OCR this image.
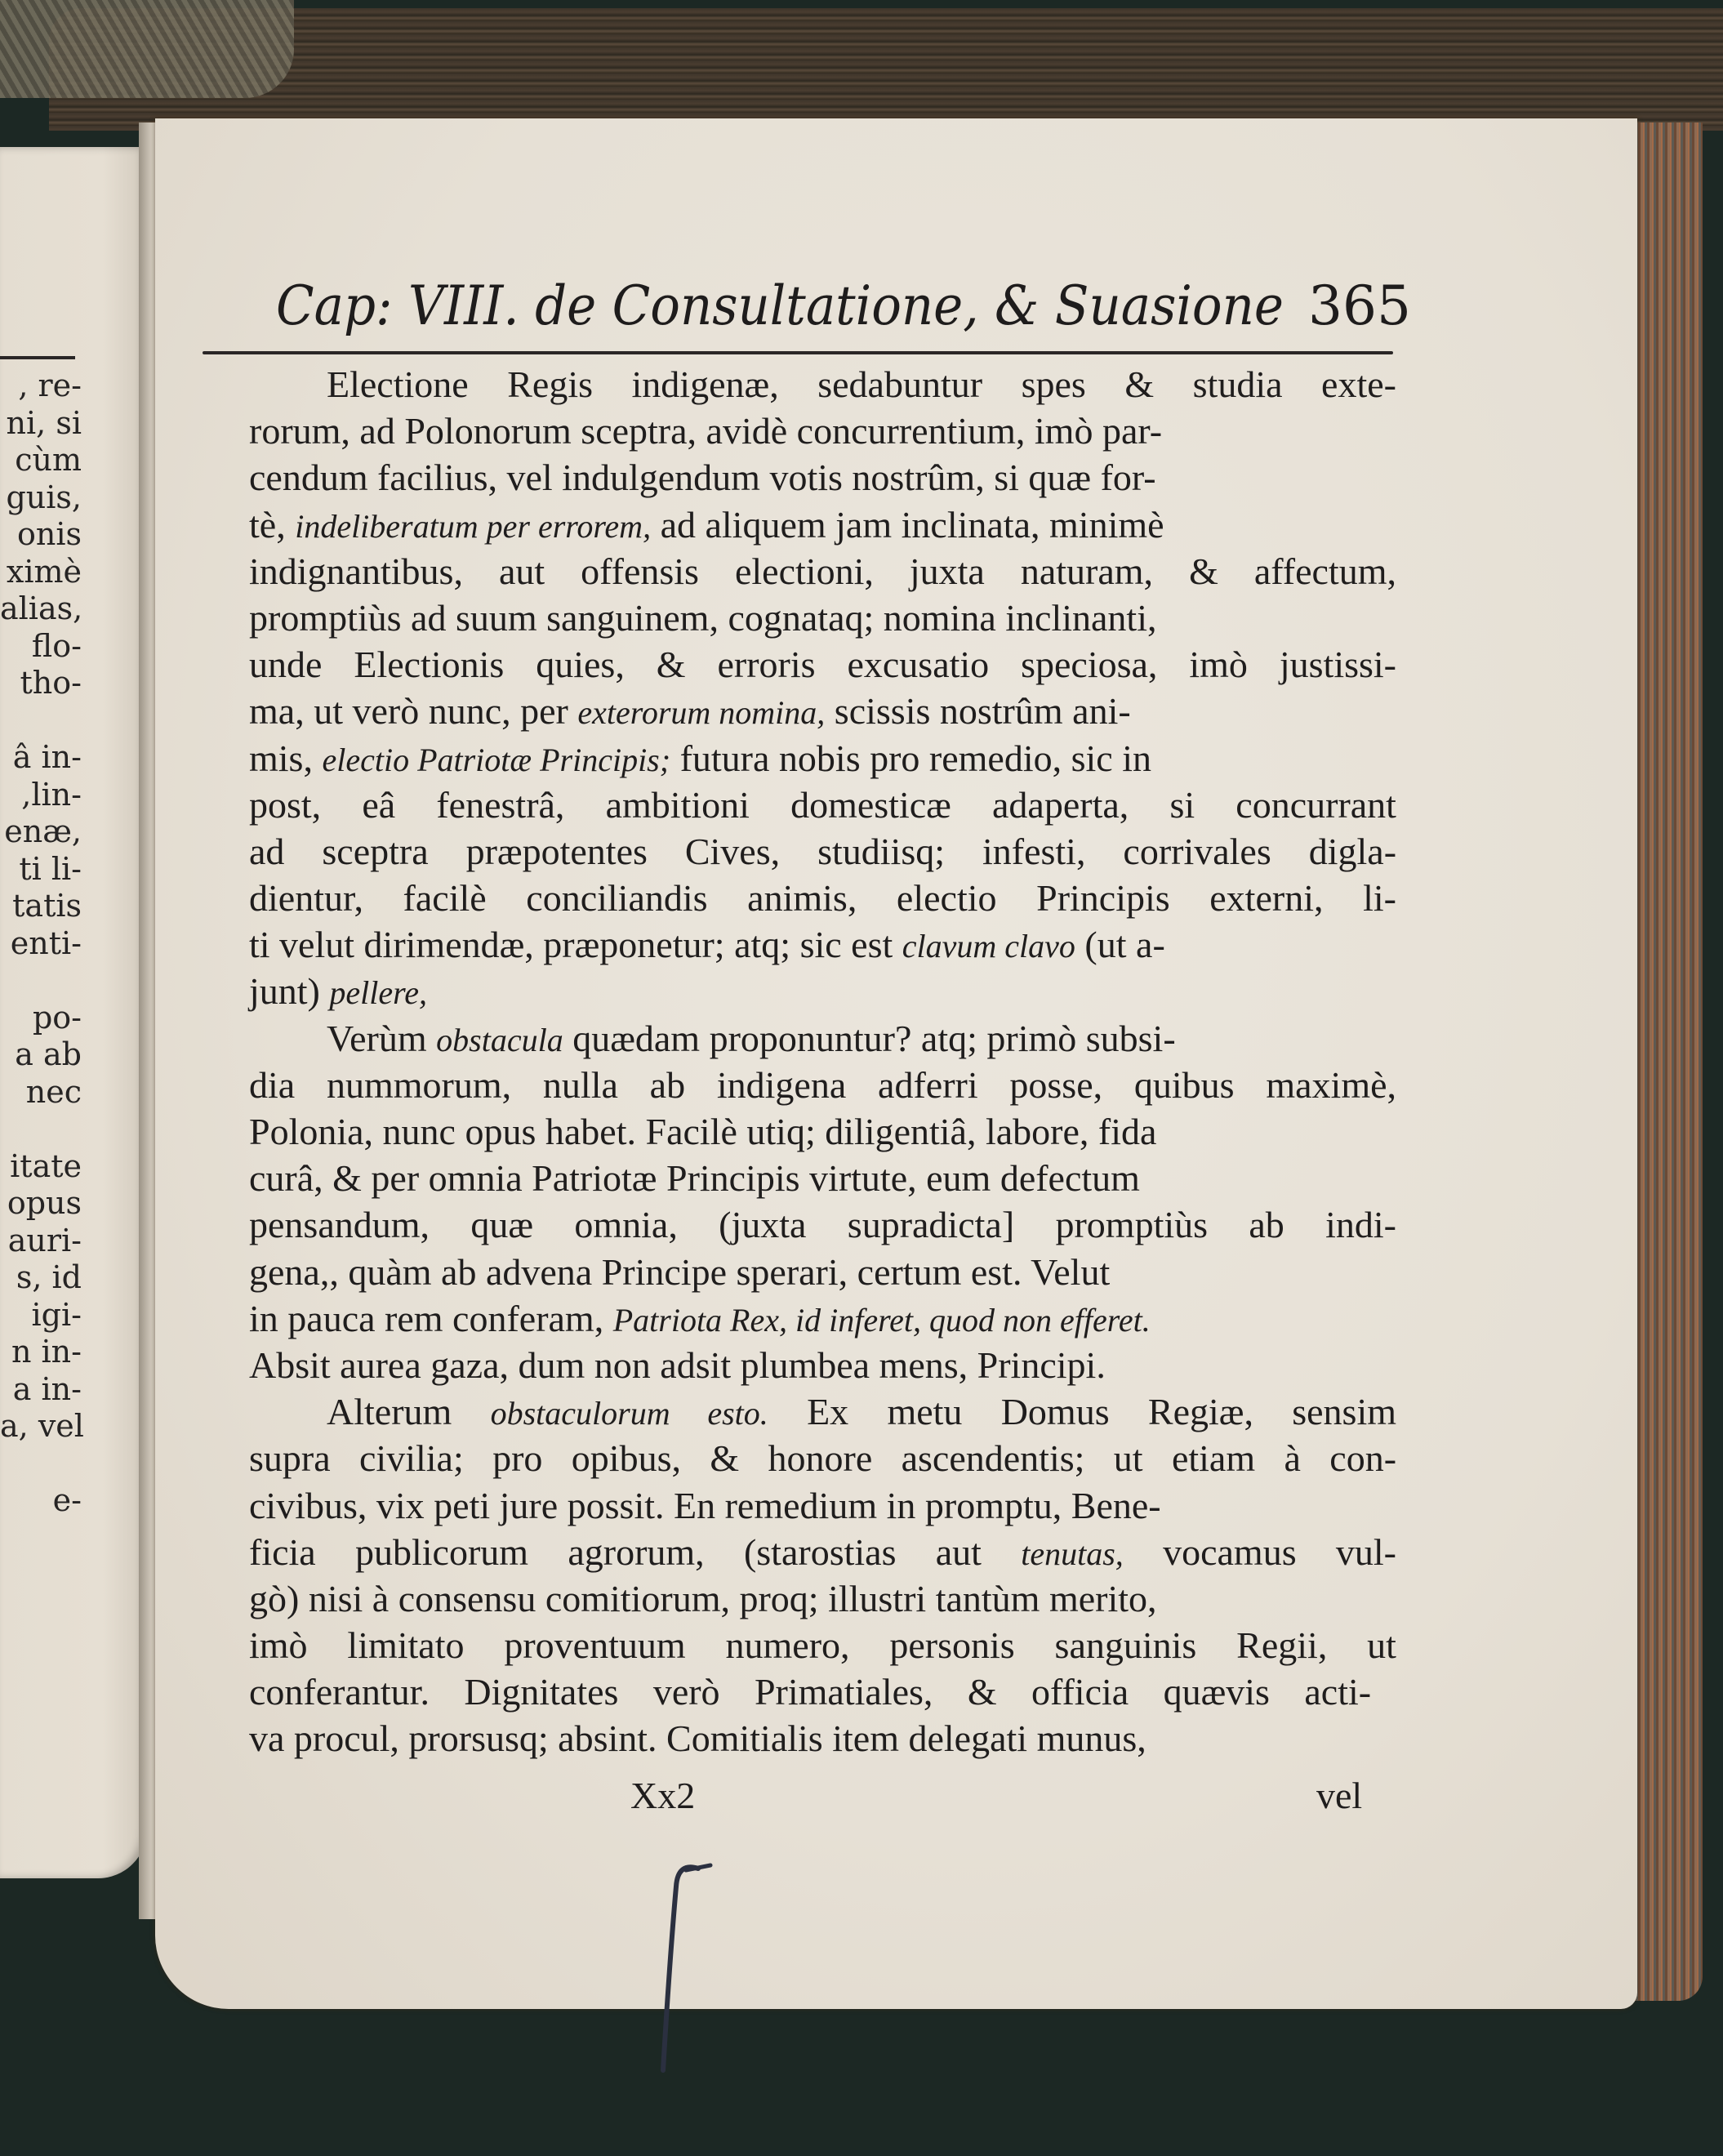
, re-
ni, si
cùm
guis,
onis
ximè
alias,
flo-
tho-
â in-
,lin-
enæ,
ti li-
tatis
enti-
po-
a ab
nec
itate
opus
auri-
s, id
igi-
n in-
a in-
a, vel
e-
Cap: VIII. de Consultatione, & Suasione 365
Electione Regis indigenæ, sedabuntur spes & studia exte-
rorum, ad Polonorum sceptra, avidè concurrentium, imò par-
cendum facilius, vel indulgendum votis nostrûm, si quæ for-
tè, indeliberatum per errorem, ad aliquem jam inclinata, minimè
indignantibus, aut offensis electioni, juxta naturam, & affectum,
promptiùs ad suum sanguinem, cognataq; nomina inclinanti,
unde Electionis quies, & erroris excusatio speciosa, imò justissi-
ma, ut verò nunc, per exterorum nomina, scissis nostrûm ani-
mis, electio Patriotæ Principis; futura nobis pro remedio, sic in
post, eâ fenestrâ, ambitioni domesticæ adaperta, si concurrant
ad sceptra præpotentes Cives, studiisq; infesti, corrivales digla-
dientur, facilè conciliandis animis, electio Principis externi, li-
ti velut dirimendæ, præponetur; atq; sic est clavum clavo (ut a-
junt) pellere,
Verùm obstacula quædam proponuntur? atq; primò subsi-
dia nummorum, nulla ab indigena adferri posse, quibus maximè,
Polonia, nunc opus habet. Facilè utiq; diligentiâ, labore, fida
curâ, & per omnia Patriotæ Principis virtute, eum defectum
pensandum, quæ omnia, (juxta supradicta] promptiùs ab indi-
gena,, quàm ab advena Principe sperari, certum est. Velut
in pauca rem conferam, Patriota Rex, id inferet, quod non efferet.
Absit aurea gaza, dum non adsit plumbea mens, Principi.
Alterum obstaculorum esto. Ex metu Domus Regiæ, sensim
supra civilia; pro opibus, & honore ascendentis; ut etiam à con-
civibus, vix peti jure possit. En remedium in promptu, Bene-
ficia publicorum agrorum, (starostias aut tenutas, vocamus vul-
gò) nisi à consensu comitiorum, proq; illustri tantùm merito,
imò limitato proventuum numero, personis sanguinis Regii, ut
conferantur. Dignitates verò Primatiales, & officia quævis acti-
va procul, prorsusq; absint. Comitialis item delegati munus,
Xx2	vel
